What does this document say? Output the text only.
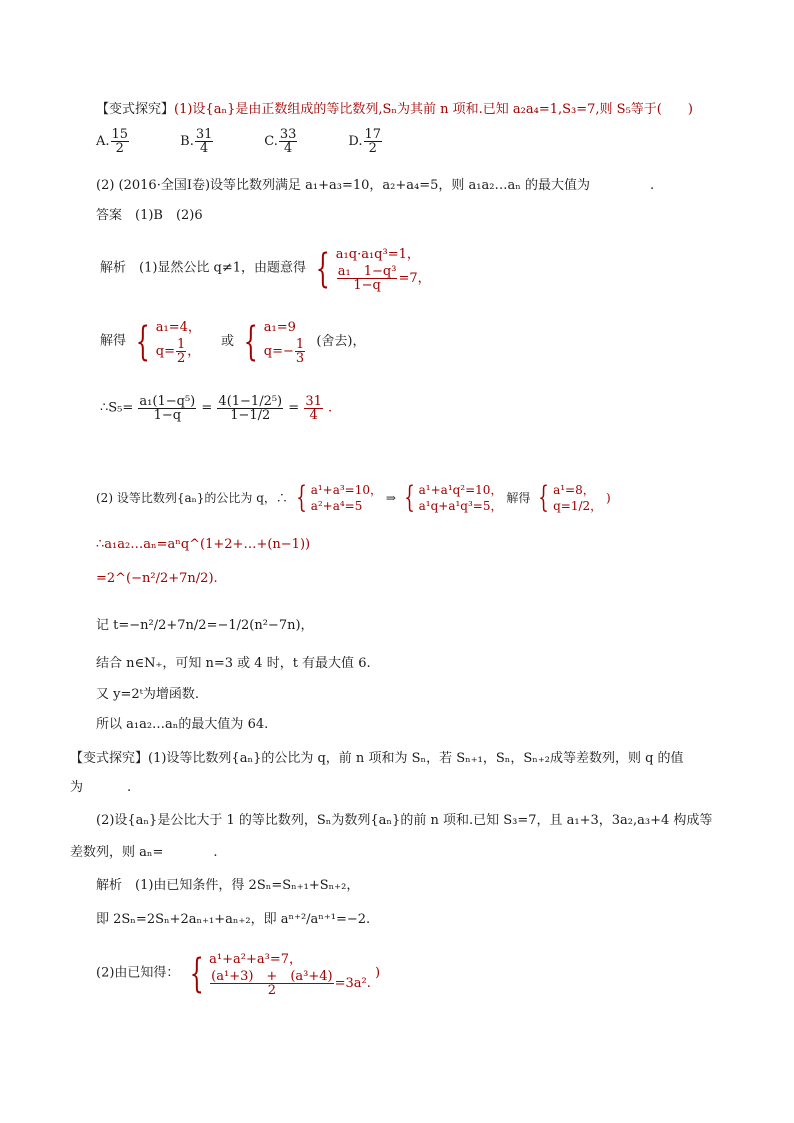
【变式探究】(1)设{aₙ}是由正数组成的等比数列,Sₙ为其前 n 项和.已知 a₂a₄=1,S₃=7,则 S₅等于(　　)
A. $\frac{15}{2}$	B. $\frac{31}{4}$	C. $\frac{33}{4}$	D. $\frac{17}{2}$
(2) (2016·全国Ⅰ卷)设等比数列满足 a₁+a₃=10，a₂+a₄=5，则 a₁a₂…aₙ 的最大值为	.
答案　(1)B　(2)6
解析　(1)显然公比 q≠1，由题意得 { a₁q·a₁q³=1，
$\frac{\text{a₁　1−q³}}{1-q} =7$，
解得 { a₁=4，
$q= \frac{1}{2}$ ，
或 { a₁=9
$q=- \frac{1}{3}$ (舍去)，
∴S₅= $\frac{\text{a₁(1−q⁵)}}{1-q} = \frac{\text{4(1−1/2⁵)}}{1-1/2} = \frac{31}{4}$ .
(2) 设等比数列{aₙ}的公比为 q，∴ { a¹+a³=10，
a²+a⁴=5
⇒ { a¹+a¹q²=10，
a¹q+a¹q³=5，
解得 { a¹=8，
q=1/2，
)
∴a₁a₂…aₙ=aⁿq^(1+2+…+(n−1))
=2^(−n²/2+7n/2).
记 t=−n²/2+7n/2=−1/2(n²−7n)，
结合 n∈N₊，可知 n=3 或 4 时，t 有最大值 6.
又 y=2ᵗ为增函数.
所以 a₁a₂…aₙ的最大值为 64.
【变式探究】(1)设等比数列{aₙ}的公比为 q，前 n 项和为 Sₙ，若 Sₙ₊₁，Sₙ，Sₙ₊₂成等差数列，则 q 的值
为	.
(2)设{aₙ}是公比大于 1 的等比数列，Sₙ为数列{aₙ}的前 n 项和.已知 S₃=7，且 a₁+3，3a₂,a₃+4 构成等
差数列，则 aₙ=	.
解析　(1)由已知条件，得 2Sₙ=Sₙ₊₁+Sₙ₊₂，
即 2Sₙ=2Sₙ+2aₙ₊₁+aₙ₊₂，即 aⁿ⁺²/aⁿ⁺¹=−2.
(2)由已知得： { a¹+a²+a³=7，
$\frac{\text{(a¹+3)　+　(a³+4)}}{2} =3a^2$.
)
